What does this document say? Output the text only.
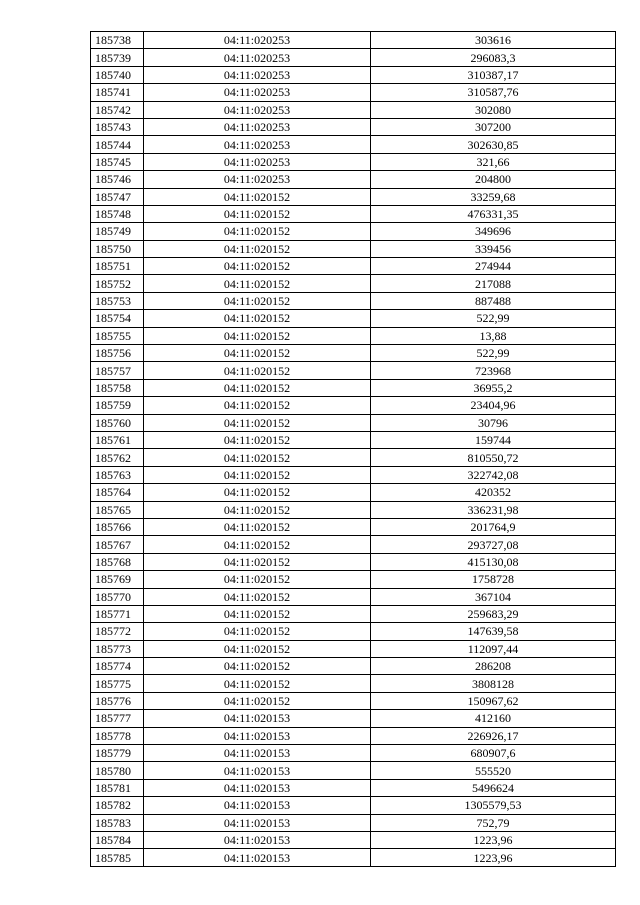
185738	04:11:020253	303616
185739	04:11:020253	296083,3
185740	04:11:020253	310387,17
185741	04:11:020253	310587,76
185742	04:11:020253	302080
185743	04:11:020253	307200
185744	04:11:020253	302630,85
185745	04:11:020253	321,66
185746	04:11:020253	204800
185747	04:11:020152	33259,68
185748	04:11:020152	476331,35
185749	04:11:020152	349696
185750	04:11:020152	339456
185751	04:11:020152	274944
185752	04:11:020152	217088
185753	04:11:020152	887488
185754	04:11:020152	522,99
185755	04:11:020152	13,88
185756	04:11:020152	522,99
185757	04:11:020152	723968
185758	04:11:020152	36955,2
185759	04:11:020152	23404,96
185760	04:11:020152	30796
185761	04:11:020152	159744
185762	04:11:020152	810550,72
185763	04:11:020152	322742,08
185764	04:11:020152	420352
185765	04:11:020152	336231,98
185766	04:11:020152	201764,9
185767	04:11:020152	293727,08
185768	04:11:020152	415130,08
185769	04:11:020152	1758728
185770	04:11:020152	367104
185771	04:11:020152	259683,29
185772	04:11:020152	147639,58
185773	04:11:020152	112097,44
185774	04:11:020152	286208
185775	04:11:020152	3808128
185776	04:11:020152	150967,62
185777	04:11:020153	412160
185778	04:11:020153	226926,17
185779	04:11:020153	680907,6
185780	04:11:020153	555520
185781	04:11:020153	5496624
185782	04:11:020153	1305579,53
185783	04:11:020153	752,79
185784	04:11:020153	1223,96
185785	04:11:020153	1223,96
